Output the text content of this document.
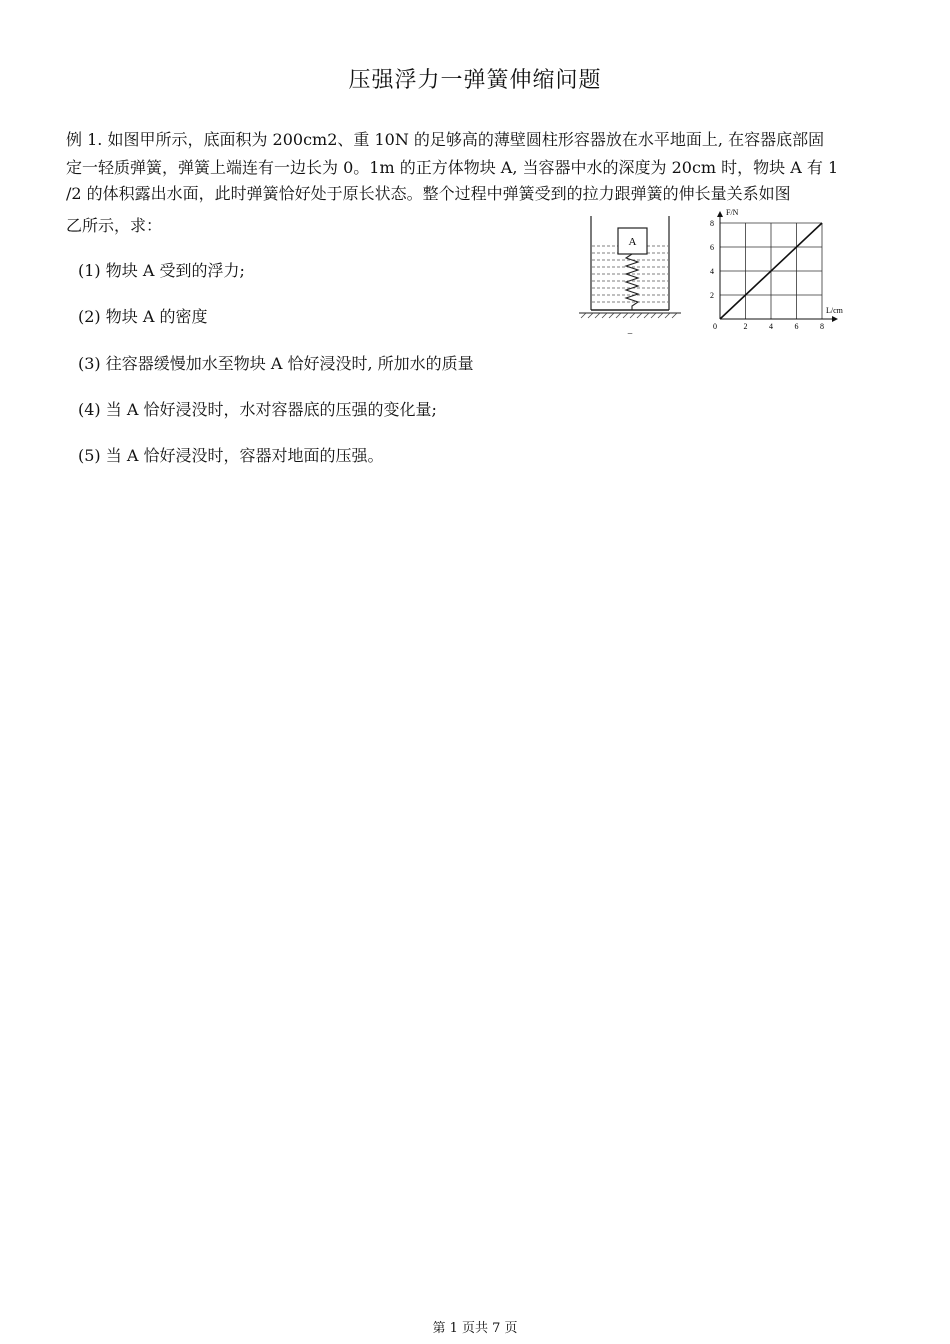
压强浮力一弹簧伸缩问题
例 1. 如图甲所示，底面积为 200cm2、重 10N 的足够高的薄壁圆柱形容器放在水平地面上, 在容器底部固
定一轻质弹簧，弹簧上端连有一边长为 0。1m 的正方体物块 A, 当容器中水的深度为 20cm 时，物块 A 有 1
/2 的体积露出水面，此时弹簧恰好处于原长状态。整个过程中弹簧受到的拉力跟弹簧的伸长量关系如图
乙所示，求：
(1) 物块 A 受到的浮力;
(2) 物块 A 的密度
(3) 往容器缓慢加水至物块 A 恰好浸没时, 所加水的质量
(4) 当 A 恰好浸没时，水对容器底的压强的变化量;
(5) 当 A 恰好浸没时，容器对地面的压强。
A
–
0	2	4	6	8
2
4
6
8
F/N
L/cm
第 1 页共 7 页
